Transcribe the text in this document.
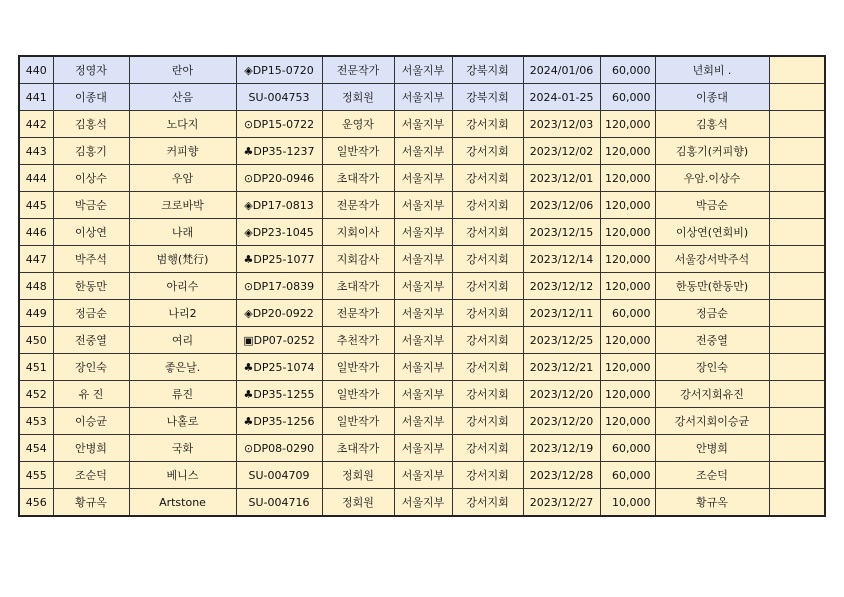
440	정영자	란아	◈DP15-0720	전문작가	서울지부	강북지회	2024/01/06	60,000	년회비 .	
441	이종대	산음	SU-004753	정회원	서울지부	강북지회	2024-01-25	60,000	이종대	
442	김홍석	노다지	⊙DP15-0722	운영자	서울지부	강서지회	2023/12/03	120,000	김홍석	
443	김홍기	커피향	♣DP35-1237	일반작가	서울지부	강서지회	2023/12/02	120,000	김홍기(커피향)	
444	이상수	우암	⊙DP20-0946	초대작가	서울지부	강서지회	2023/12/01	120,000	우암.이상수	
445	박금순	크로바박	◈DP17-0813	전문작가	서울지부	강서지회	2023/12/06	120,000	박금순	
446	이상연	나래	◈DP23-1045	지회이사	서울지부	강서지회	2023/12/15	120,000	이상연(연회비)	
447	박주석	범행(梵行)	♣DP25-1077	지회감사	서울지부	강서지회	2023/12/14	120,000	서울강서박주석	
448	한동만	아리수	⊙DP17-0839	초대작가	서울지부	강서지회	2023/12/12	120,000	한동만(한동만)	
449	정금순	나리2	◈DP20-0922	전문작가	서울지부	강서지회	2023/12/11	60,000	정금순	
450	전중열	여리	▣DP07-0252	추천작가	서울지부	강서지회	2023/12/25	120,000	전중열	
451	장인숙	좋은날.	♣DP25-1074	일반작가	서울지부	강서지회	2023/12/21	120,000	장인숙	
452	유 진	류진	♣DP35-1255	일반작가	서울지부	강서지회	2023/12/20	120,000	강서지회유진	
453	이승균	나홀로	♣DP35-1256	일반작가	서울지부	강서지회	2023/12/20	120,000	강서지회이승균	
454	안병희	국화	⊙DP08-0290	초대작가	서울지부	강서지회	2023/12/19	60,000	안병희	
455	조순덕	베니스	SU-004709	정회원	서울지부	강서지회	2023/12/28	60,000	조순덕	
456	황규옥	Artstone	SU-004716	정회원	서울지부	강서지회	2023/12/27	10,000	황규옥	
